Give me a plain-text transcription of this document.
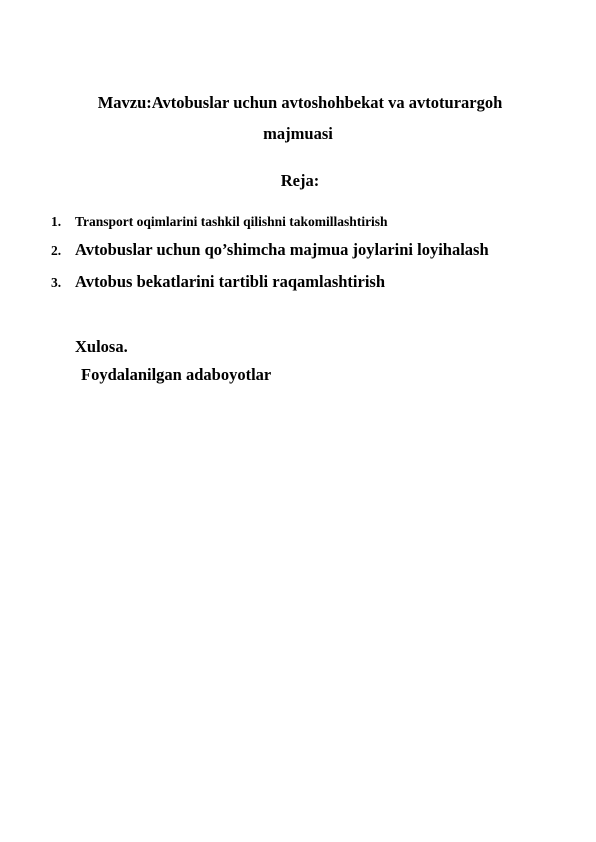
Mavzu:Avtobuslar uchun avtoshohbekat va avtoturargoh
majmuasi
Reja:
1. Transport oqimlarini tashkil qilishni takomillashtirish
2. Avtobuslar uchun qo’shimcha majmua joylarini loyihalash
3. Avtobus bekatlarini tartibli raqamlashtirish
Xulosa.
Foydalanilgan adaboyotlar
